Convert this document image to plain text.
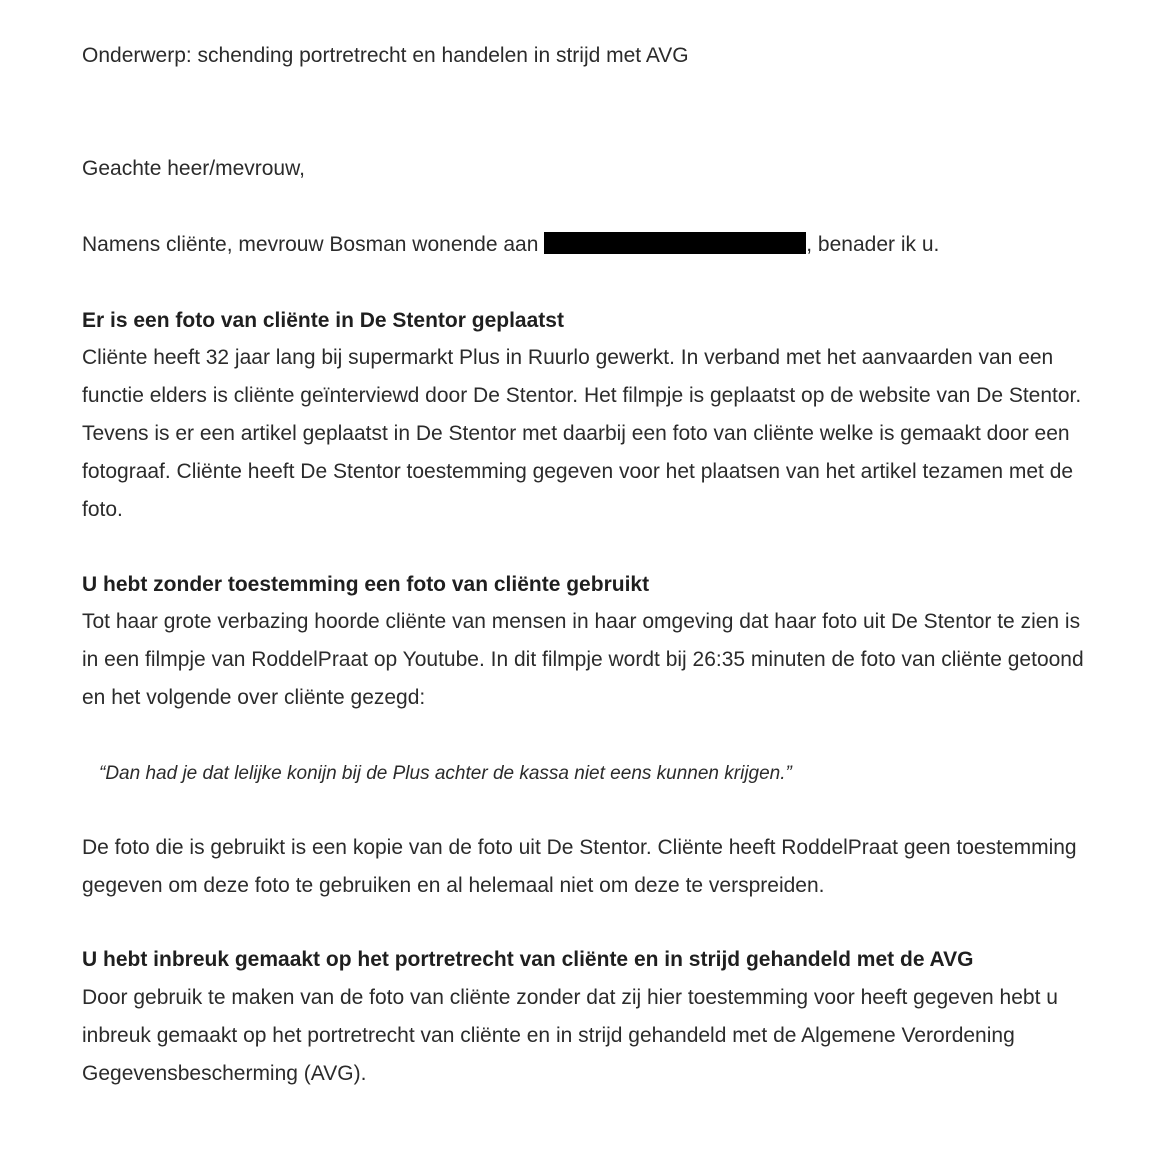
Onderwerp: schending portretrecht en handelen in strijd met AVG
Geachte heer/mevrouw,
Namens cliënte, mevrouw Bosman wonende aan	, benader ik u.
Er is een foto van cliënte in De Stentor geplaatst

Cliënte heeft 32 jaar lang bij supermarkt Plus in Ruurlo gewerkt. In verband met het aanvaarden van een functie elders is cliënte geïnterviewd door De Stentor. Het filmpje is geplaatst op de website van De Stentor. Tevens is er een artikel geplaatst in De Stentor met daarbij een foto van cliënte welke is gemaakt door een fotograaf. Cliënte heeft De Stentor toestemming gegeven voor het plaatsen van het artikel tezamen met de foto.

U hebt zonder toestemming een foto van cliënte gebruikt

Tot haar grote verbazing hoorde cliënte van mensen in haar omgeving dat haar foto uit De Stentor te zien is in een filmpje van RoddelPraat op Youtube. In dit filmpje wordt bij 26:35 minuten de foto van cliënte getoond en het volgende over cliënte gezegd:

“Dan had je dat lelijke konijn bij de Plus achter de kassa niet eens kunnen krijgen.”

De foto die is gebruikt is een kopie van de foto uit De Stentor. Cliënte heeft RoddelPraat geen toestemming gegeven om deze foto te gebruiken en al helemaal niet om deze te verspreiden.

U hebt inbreuk gemaakt op het portretrecht van cliënte en in strijd gehandeld met de AVG

Door gebruik te maken van de foto van cliënte zonder dat zij hier toestemming voor heeft gegeven hebt u inbreuk gemaakt op het portretrecht van cliënte en in strijd gehandeld met de Algemene Verordening Gegevensbescherming (AVG).
